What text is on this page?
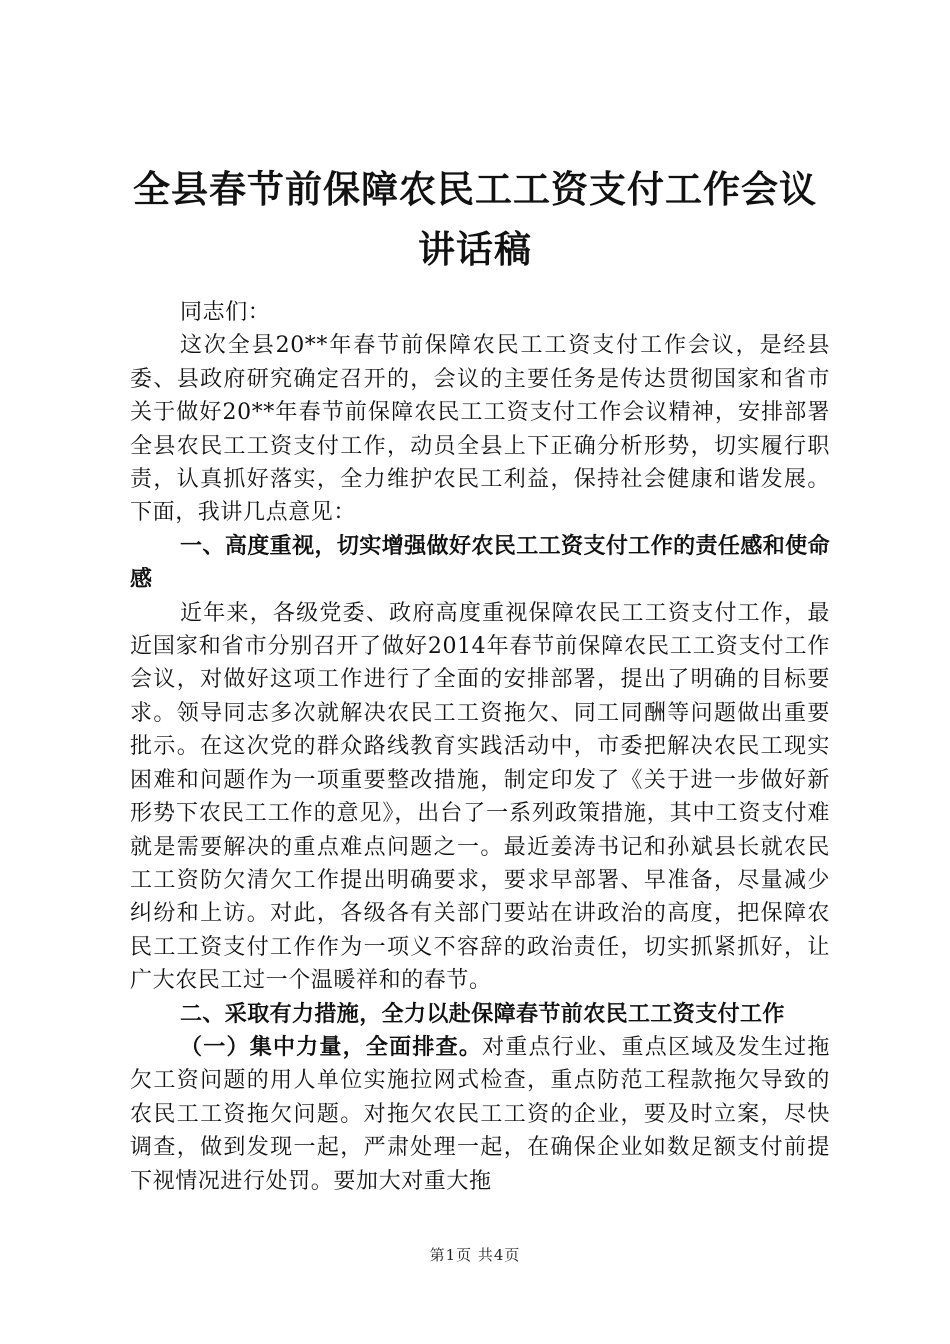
全县春节前保障农民工工资支付工作会议讲话稿

同志们：

这次全县20**年春节前保障农民工工资支付工作会议，是经县委、县政府研究确定召开的，会议的主要任务是传达贯彻国家和省市关于做好20**年春节前保障农民工工资支付工作会议精神，安排部署全县农民工工资支付工作，动员全县上下正确分析形势，切实履行职责，认真抓好落实，全力维护农民工利益，保持社会健康和谐发展。下面，我讲几点意见：

一、高度重视，切实增强做好农民工工资支付工作的责任感和使命感

近年来，各级党委、政府高度重视保障农民工工资支付工作，最近国家和省市分别召开了做好2014年春节前保障农民工工资支付工作会议，对做好这项工作进行了全面的安排部署，提出了明确的目标要求。领导同志多次就解决农民工工资拖欠、同工同酬等问题做出重要批示。在这次党的群众路线教育实践活动中，市委把解决农民工现实困难和问题作为一项重要整改措施，制定印发了《关于进一步做好新形势下农民工工作的意见》，出台了一系列政策措施，其中工资支付难就是需要解决的重点难点问题之一。最近姜涛书记和孙斌县长就农民工工资防欠清欠工作提出明确要求，要求早部署、早准备，尽量减少纠纷和上访。对此，各级各有关部门要站在讲政治的高度，把保障农民工工资支付工作作为一项义不容辞的政治责任，切实抓紧抓好，让广大农民工过一个温暖祥和的春节。

二、采取有力措施，全力以赴保障春节前农民工工资支付工作

（一）集中力量，全面排查。对重点行业、重点区域及发生过拖欠工资问题的用人单位实施拉网式检查，重点防范工程款拖欠导致的农民工工资拖欠问题。对拖欠农民工工资的企业，要及时立案，尽快调查，做到发现一起，严肃处理一起，在确保企业如数足额支付前提下视情况进行处罚。要加大对重大拖

第1页 共4页
